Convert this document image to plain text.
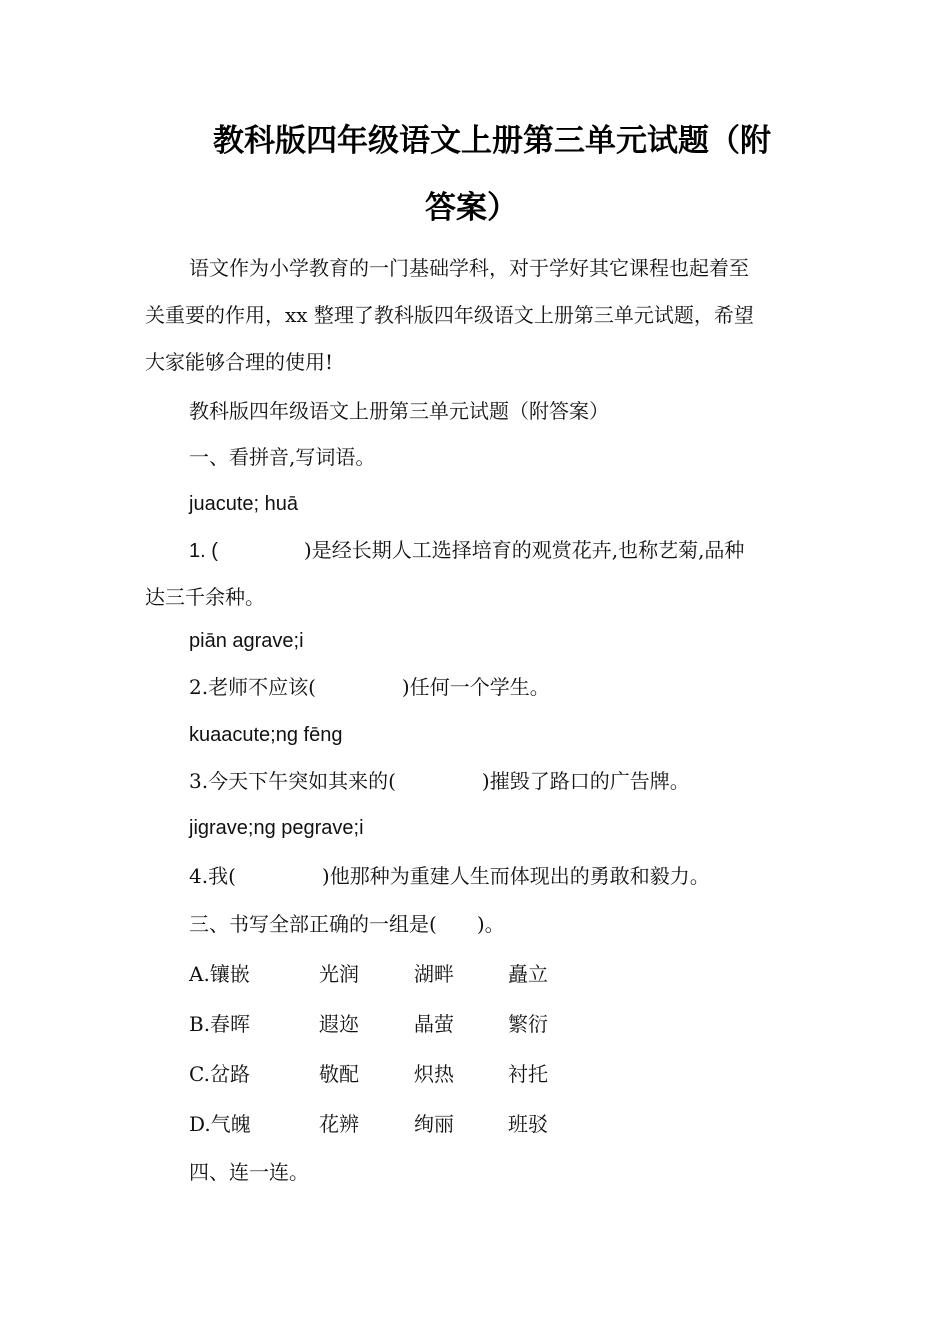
教科版四年级语文上册第三单元试题（附
答案）
语文作为小学教育的一门基础学科，对于学好其它课程也起着至
关重要的作用，xx 整理了教科版四年级语文上册第三单元试题，希望
大家能够合理的使用!
教科版四年级语文上册第三单元试题（附答案）
一、看拼音,写词语。
juacute; huā
1. (	)是经长期人工选择培育的观赏花卉,也称艺菊,品种
达三千余种。
piān agrave;i
2.老师不应该(	)任何一个学生。
kuaacute;ng fēng
3.今天下午突如其来的(	)摧毁了路口的广告牌。
jigrave;ng pegrave;i
4.我(	)他那种为重建人生而体现出的勇敢和毅力。
三、书写全部正确的一组是( )。
A.镶嵌	光润	湖畔	矗立
B.春晖	遐迩	晶萤	繁衍
C.岔路	敬配	炽热	衬托
D.气魄	花辨	绚丽	班驳
四、连一连。
